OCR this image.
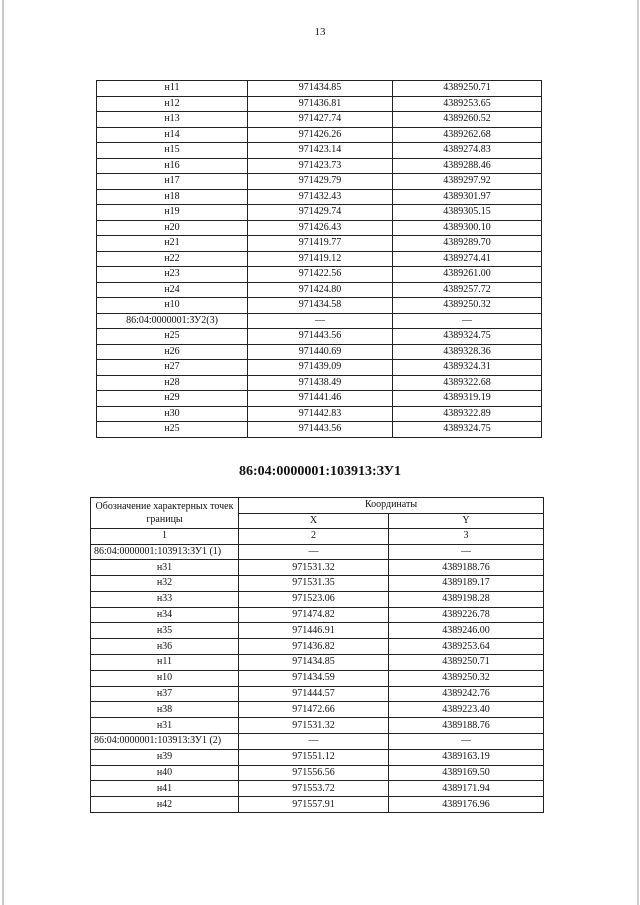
13
н11	971434.85	4389250.71
н12	971436.81	4389253.65
н13	971427.74	4389260.52
н14	971426.26	4389262.68
н15	971423.14	4389274.83
н16	971423.73	4389288.46
н17	971429.79	4389297.92
н18	971432.43	4389301.97
н19	971429.74	4389305.15
н20	971426.43	4389300.10
н21	971419.77	4389289.70
н22	971419.12	4389274.41
н23	971422.56	4389261.00
н24	971424.80	4389257.72
н10	971434.58	4389250.32
86:04:0000001:ЗУ2(3)	—	—
н25	971443.56	4389324.75
н26	971440.69	4389328.36
н27	971439.09	4389324.31
н28	971438.49	4389322.68
н29	971441.46	4389319.19
н30	971442.83	4389322.89
н25	971443.56	4389324.75
86:04:0000001:103913:ЗУ1
Обозначение характерных точек границы	Координаты	
	X	Y
1	2	3
86:04:0000001:103913:ЗУ1 (1)	—	—
н31	971531.32	4389188.76
н32	971531.35	4389189.17
н33	971523.06	4389198.28
н34	971474.82	4389226.78
н35	971446.91	4389246.00
н36	971436.82	4389253.64
н11	971434.85	4389250.71
н10	971434.59	4389250.32
н37	971444.57	4389242.76
н38	971472.66	4389223.40
н31	971531.32	4389188.76
86:04:0000001:103913:ЗУ1 (2)	—	—
н39	971551.12	4389163.19
н40	971556.56	4389169.50
н41	971553.72	4389171.94
н42	971557.91	4389176.96
